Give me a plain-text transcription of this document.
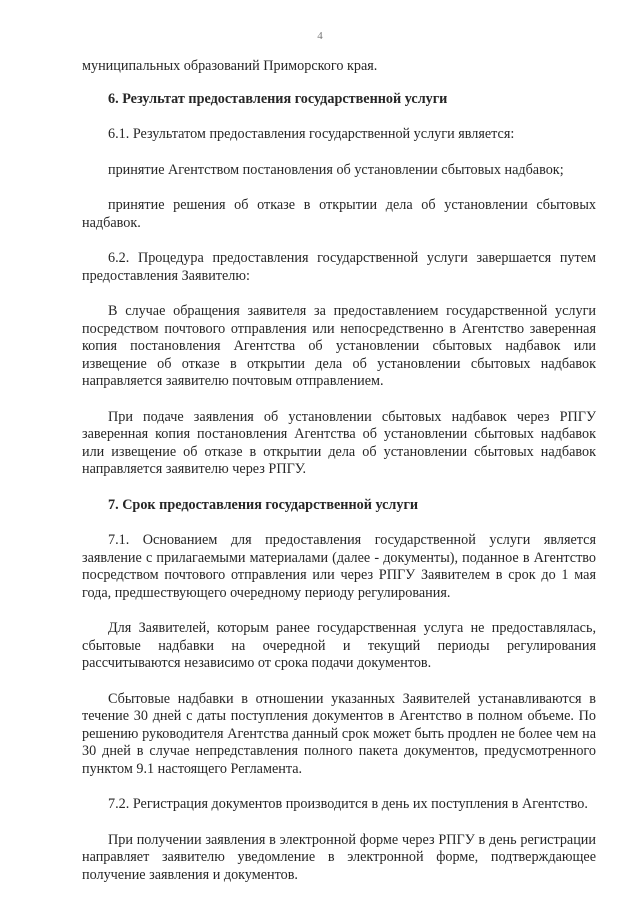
4

муниципальных образований Приморского края.

6. Результат предоставления государственной услуги

6.1. Результатом предоставления государственной услуги является:

принятие Агентством постановления об установлении сбытовых надбавок;

принятие решения об отказе в открытии дела об установлении сбытовых надбавок.

6.2. Процедура предоставления государственной услуги завершается путем предоставления Заявителю:

В случае обращения заявителя за предоставлением государственной услуги посредством почтового отправления или непосредственно в Агентство заверенная копия постановления Агентства об установлении сбытовых надбавок или извещение об отказе в открытии дела об установлении сбытовых надбавок направляется заявителю почтовым отправлением.

При подаче заявления об установлении сбытовых надбавок через РПГУ заверенная копия постановления Агентства об установлении сбытовых надбавок или извещение об отказе в открытии дела об установлении сбытовых надбавок направляется заявителю через РПГУ.

7. Срок предоставления государственной услуги

7.1. Основанием для предоставления государственной услуги является заявление с прилагаемыми материалами (далее - документы), поданное в Агентство посредством почтового отправления или через РПГУ Заявителем в срок до 1 мая года, предшествующего очередному периоду регулирования.

Для Заявителей, которым ранее государственная услуга не предоставлялась, сбытовые надбавки на очередной и текущий периоды регулирования рассчитываются независимо от срока подачи документов.

Сбытовые надбавки в отношении указанных Заявителей устанавливаются в течение 30 дней с даты поступления документов в Агентство в полном объеме. По решению руководителя Агентства данный срок может быть продлен не более чем на 30 дней в случае непредставления полного пакета документов, предусмотренного пунктом 9.1 настоящего Регламента.

7.2. Регистрация документов производится в день их поступления в Агентство.

При получении заявления в электронной форме через РПГУ в день регистрации направляет заявителю уведомление в электронной форме, подтверждающее получение заявления и документов.
